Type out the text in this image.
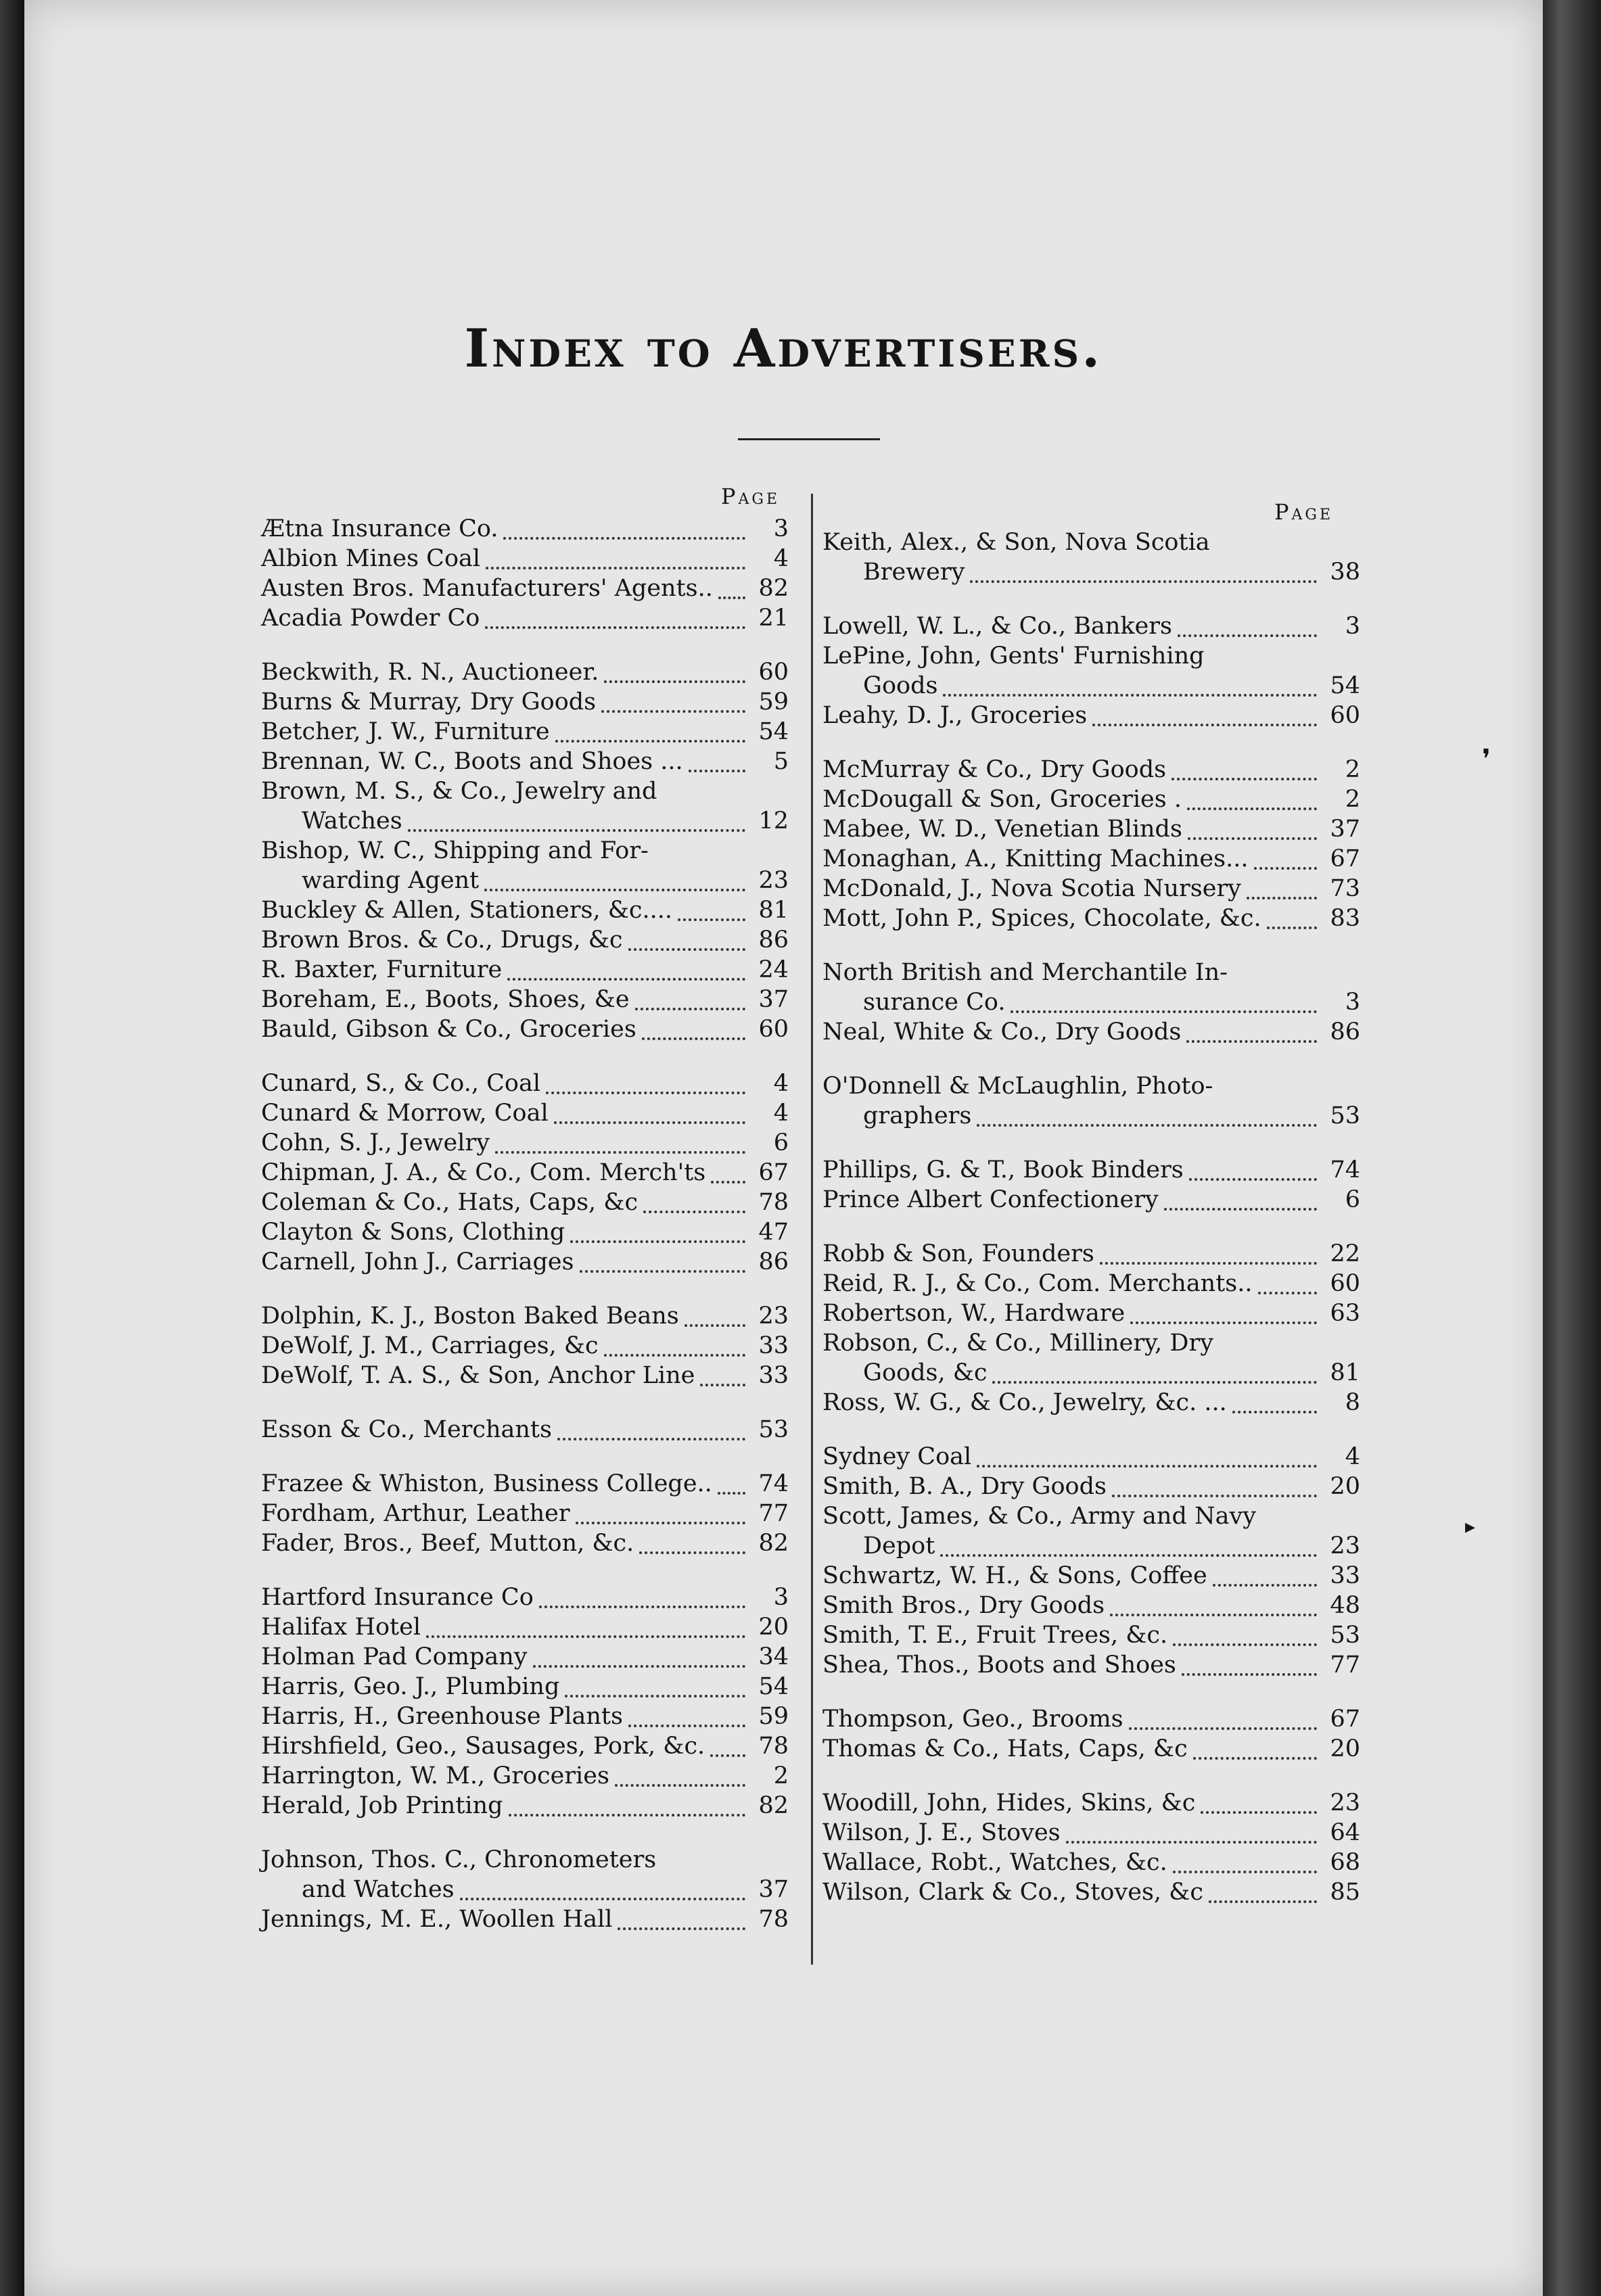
Index to Advertisers.
Page
Page
Ætna Insurance Co.	3
Albion Mines Coal	4
Austen Bros. Manufacturers' Agents..	82
Acadia Powder Co	21
Beckwith, R. N., Auctioneer.	60
Burns & Murray, Dry Goods	59
Betcher, J. W., Furniture	54
Brennan, W. C., Boots and Shoes ...	5
Brown, M. S., & Co., Jewelry and
Watches	12
Bishop, W. C., Shipping and For-
warding Agent	23
Buckley & Allen, Stationers, &c....	81
Brown Bros. & Co., Drugs, &c	86
R. Baxter, Furniture	24
Boreham, E., Boots, Shoes, &e	37
Bauld, Gibson & Co., Groceries	60
Cunard, S., & Co., Coal	4
Cunard & Morrow, Coal	4
Cohn, S. J., Jewelry	6
Chipman, J. A., & Co., Com. Merch'ts	67
Coleman & Co., Hats, Caps, &c	78
Clayton & Sons, Clothing	47
Carnell, John J., Carriages	86
Dolphin, K. J., Boston Baked Beans	23
DeWolf, J. M., Carriages, &c	33
DeWolf, T. A. S., & Son, Anchor Line	33
Esson & Co., Merchants	53
Frazee & Whiston, Business College..	74
Fordham, Arthur, Leather	77
Fader, Bros., Beef, Mutton, &c.	82
Hartford Insurance Co	3
Halifax Hotel	20
Holman Pad Company	34
Harris, Geo. J., Plumbing	54
Harris, H., Greenhouse Plants	59
Hirshfield, Geo., Sausages, Pork, &c.	78
Harrington, W. M., Groceries	2
Herald, Job Printing	82
Johnson, Thos. C., Chronometers
and Watches	37
Jennings, M. E., Woollen Hall	78
Keith, Alex., & Son, Nova Scotia
Brewery	38
Lowell, W. L., & Co., Bankers	3
LePine, John, Gents' Furnishing
Goods	54
Leahy, D. J., Groceries	60
McMurray & Co., Dry Goods	2
McDougall & Son, Groceries .	2
Mabee, W. D., Venetian Blinds	37
Monaghan, A., Knitting Machines...	67
McDonald, J., Nova Scotia Nursery	73
Mott, John P., Spices, Chocolate, &c.	83
North British and Merchantile In-
surance Co.	3
Neal, White & Co., Dry Goods	86
O'Donnell & McLaughlin, Photo-
graphers	53
Phillips, G. & T., Book Binders	74
Prince Albert Confectionery	6
Robb & Son, Founders	22
Reid, R. J., & Co., Com. Merchants..	60
Robertson, W., Hardware	63
Robson, C., & Co., Millinery, Dry
Goods, &c	81
Ross, W. G., & Co., Jewelry, &c. ...	8
Sydney Coal	4
Smith, B. A., Dry Goods	20
Scott, James, & Co., Army and Navy
Depot	23
Schwartz, W. H., & Sons, Coffee	33
Smith Bros., Dry Goods	48
Smith, T. E., Fruit Trees, &c.	53
Shea, Thos., Boots and Shoes	77
Thompson, Geo., Brooms	67
Thomas & Co., Hats, Caps, &c	20
Woodill, John, Hides, Skins, &c	23
Wilson, J. E., Stoves	64
Wallace, Robt., Watches, &c.	68
Wilson, Clark & Co., Stoves, &c	85
❜
▸
